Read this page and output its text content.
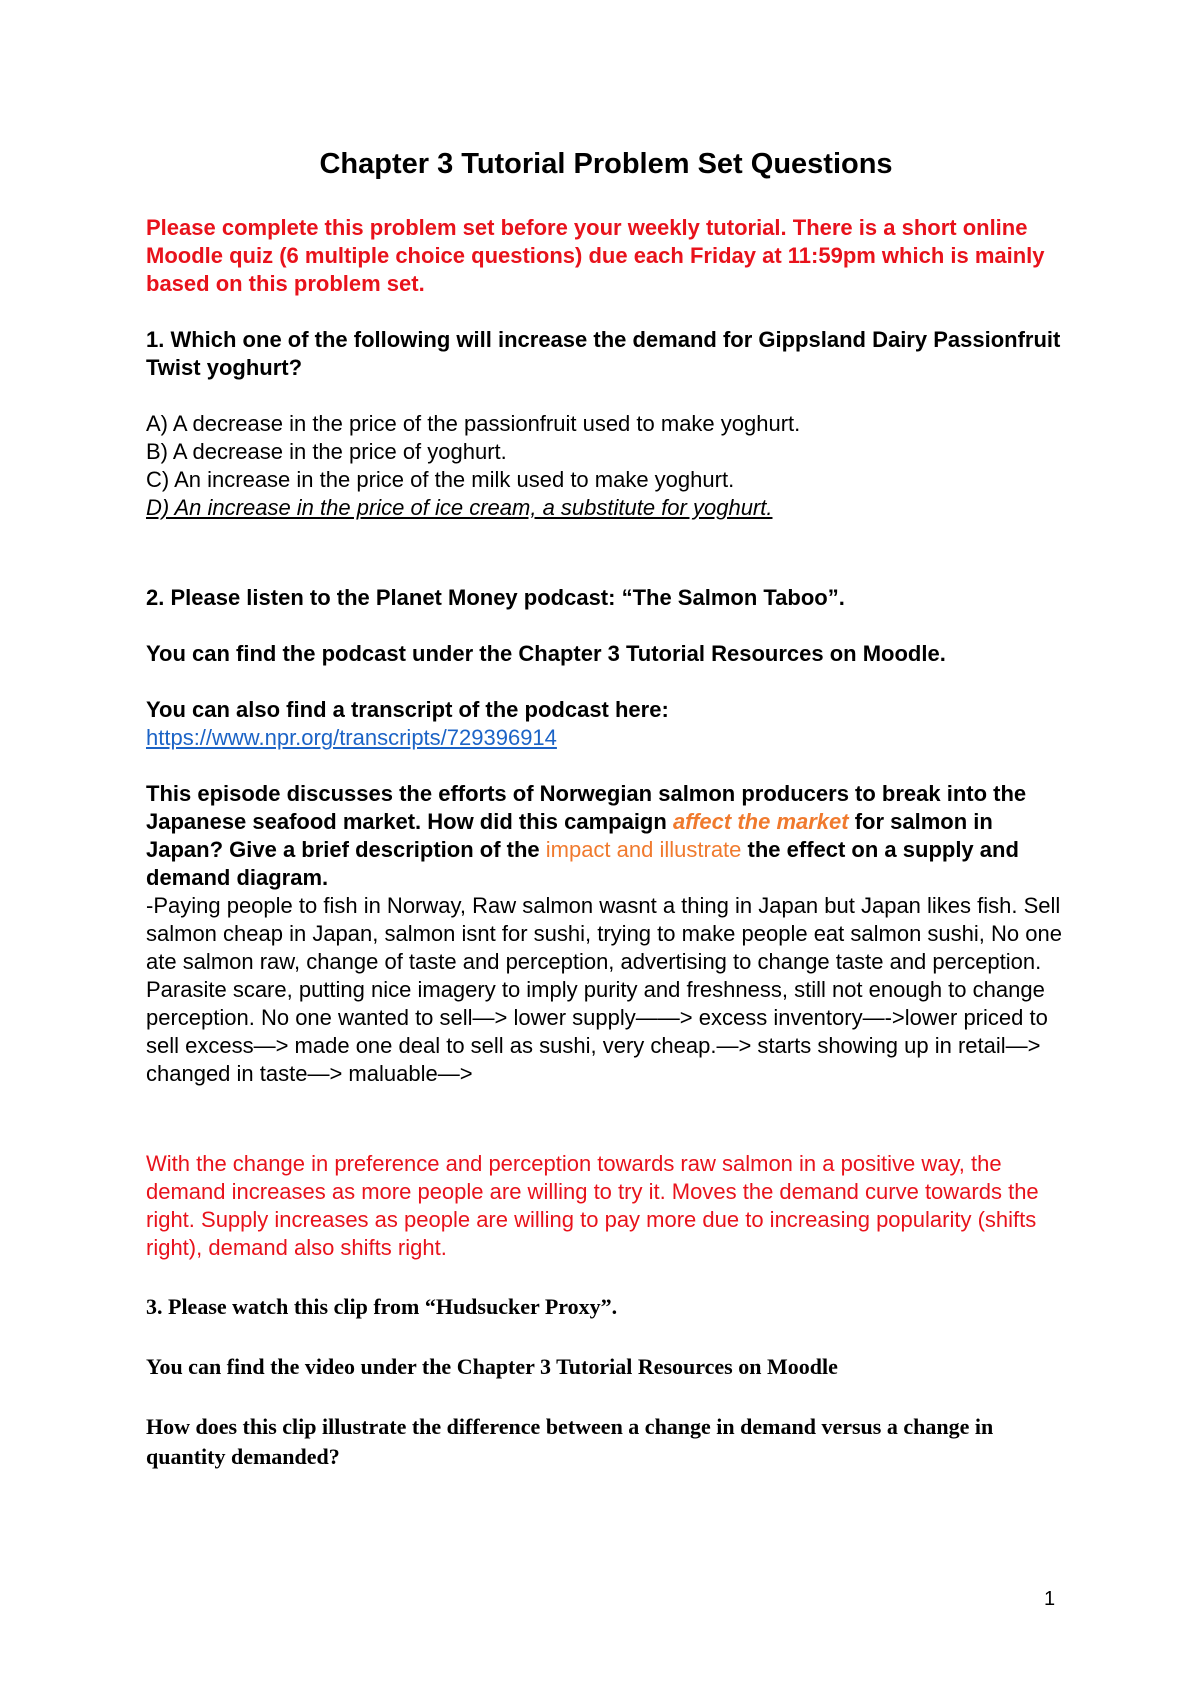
Chapter 3 Tutorial Problem Set Questions

Please complete this problem set before your weekly tutorial. There is a short online Moodle quiz (6 multiple choice questions) due each Friday at 11:59pm which is mainly based on this problem set.

1. Which one of the following will increase the demand for Gippsland Dairy Passionfruit Twist yoghurt?

A) A decrease in the price of the passionfruit used to make yoghurt.
B) A decrease in the price of yoghurt.
C) An increase in the price of the milk used to make yoghurt.
D) An increase in the price of ice cream, a substitute for yoghurt.

2. Please listen to the Planet Money podcast: “The Salmon Taboo”.

You can find the podcast under the Chapter 3 Tutorial Resources on Moodle.

You can also find a transcript of the podcast here: https://www.npr.org/transcripts/729396914

This episode discusses the efforts of Norwegian salmon producers to break into the Japanese seafood market. How did this campaign affect the market for salmon in Japan? Give a brief description of the impact and illustrate the effect on a supply and demand diagram.

-Paying people to fish in Norway, Raw salmon wasnt a thing in Japan but Japan likes fish. Sell salmon cheap in Japan, salmon isnt for sushi, trying to make people eat salmon sushi, No one ate salmon raw, change of taste and perception, advertising to change taste and perception. Parasite scare, putting nice imagery to imply purity and freshness, still not enough to change perception. No one wanted to sell—> lower supply——> excess inventory—->lower priced to sell excess—> made one deal to sell as sushi, very cheap.—> starts showing up in retail—> changed in taste—> maluable—>

With the change in preference and perception towards raw salmon in a positive way, the demand increases as more people are willing to try it. Moves the demand curve towards the right. Supply increases as people are willing to pay more due to increasing popularity (shifts right), demand also shifts right.

3. Please watch this clip from “Hudsucker Proxy”.

You can find the video under the Chapter 3 Tutorial Resources on Moodle

How does this clip illustrate the difference between a change in demand versus a change in quantity demanded?

1
